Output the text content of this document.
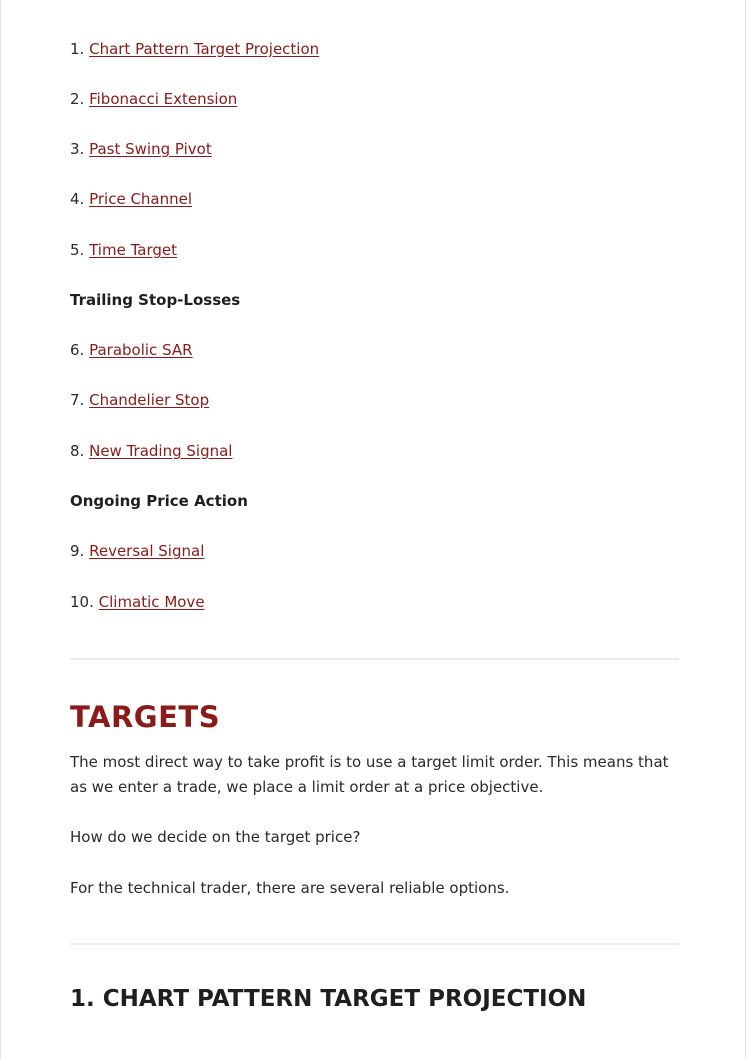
1. Chart Pattern Target Projection
2. Fibonacci Extension
3. Past Swing Pivot
4. Price Channel
5. Time Target
Trailing Stop-Losses
6. Parabolic SAR
7. Chandelier Stop
8. New Trading Signal
Ongoing Price Action
9. Reversal Signal
10. Climatic Move
TARGETS
The most direct way to take profit is to use a target limit order. This means that as we enter a trade, we place a limit order at a price objective.
How do we decide on the target price?
For the technical trader, there are several reliable options.
1. CHART PATTERN TARGET PROJECTION
